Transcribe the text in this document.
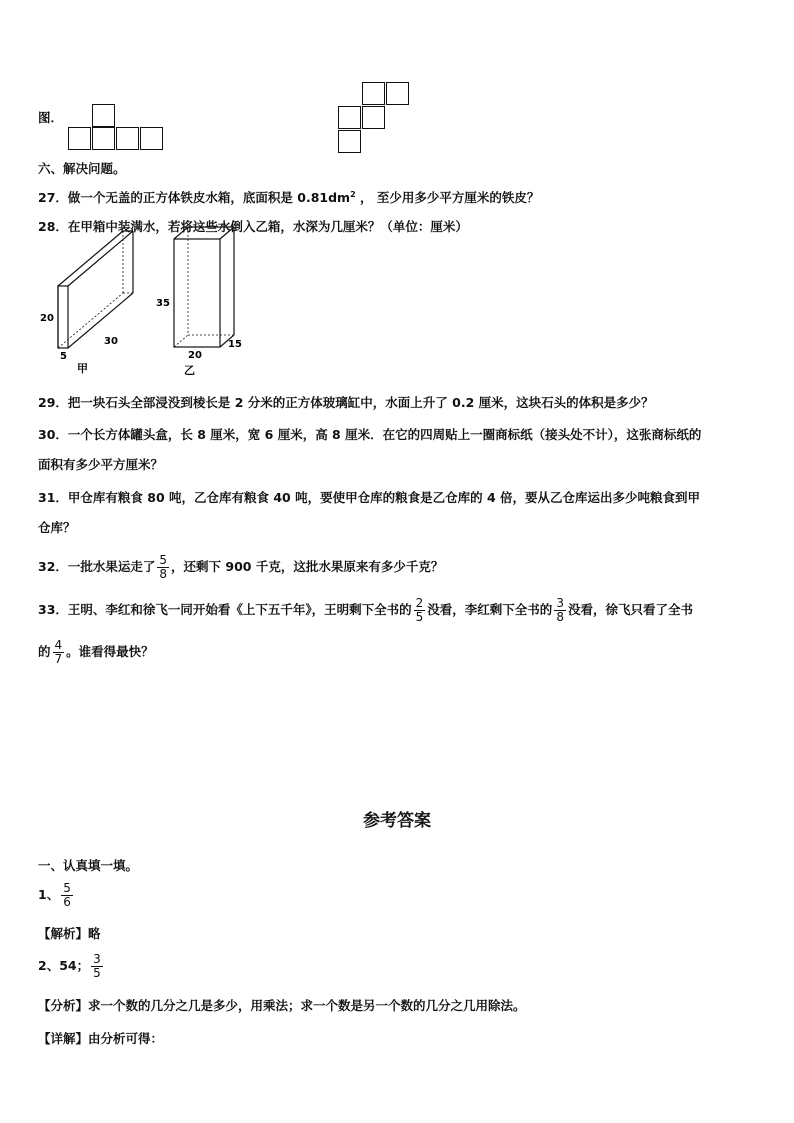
图．
六、解决问题。
27．做一个无盖的正方体铁皮水箱，底面积是 $0.81dm^2$ ， 至少用多少平方厘米的铁皮？
28．在甲箱中装满水，若将这些水倒入乙箱，水深为几厘米？（单位：厘米）
20
5
30
甲
35
20
15
乙
29．把一块石头全部浸没到棱长是 2 分米的正方体玻璃缸中，水面上升了 0.2 厘米，这块石头的体积是多少？
30．一个长方体罐头盒，长 8 厘米，宽 6 厘米，高 8 厘米．在它的四周贴上一圈商标纸（接头处不计），这张商标纸的
面积有多少平方厘米？
31．甲仓库有粮食 80 吨，乙仓库有粮食 40 吨，要使甲仓库的粮食是乙仓库的 4 倍，要从乙仓库运出多少吨粮食到甲
仓库？
32．一批水果运走了 $\frac{5}{8}$ ，还剩下 900 千克，这批水果原来有多少千克？
33．王明、李红和徐飞一同开始看《上下五千年》，王明剩下全书的 $\frac{2}{5}$ 没看，李红剩下全书的 $\frac{3}{8}$ 没看，徐飞只看了全书
的 $\frac{4}{7}$ 。谁看得最快？
参考答案
一、认真填一填。
1、 $\frac{5}{6}$
【解析】略
2、54； $\frac{3}{5}$
【分析】求一个数的几分之几是多少，用乘法；求一个数是另一个数的几分之几用除法。
【详解】由分析可得：
